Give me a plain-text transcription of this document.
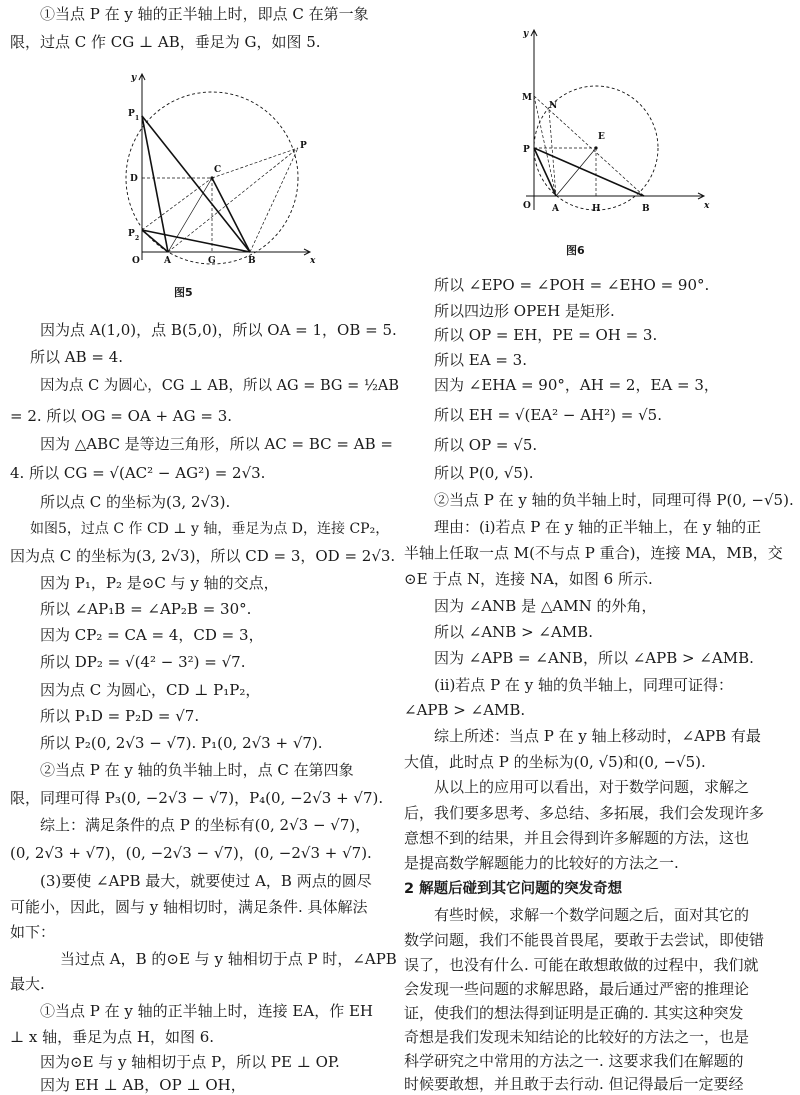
①当点 P 在 y 轴的正半轴上时，即点 C 在第一象
限，过点 C 作 CG ⊥ AB，垂足为 G，如图 5.
y
x
O	A	G	B
C
D
P
P 1
P 2
图5
因为点 A(1,0)，点 B(5,0)，所以 OA = 1，OB = 5.
所以 AB = 4.
因为点 C 为圆心，CG ⊥ AB，所以 AG = BG = ½AB
= 2. 所以 OG = OA + AG = 3.
因为 △ABC 是等边三角形，所以 AC = BC = AB =
4. 所以 CG = √(AC² − AG²) = 2√3.
所以点 C 的坐标为(3, 2√3).
如图5，过点 C 作 CD ⊥ y 轴，垂足为点 D，连接 CP₂，
因为点 C 的坐标为(3, 2√3)，所以 CD = 3，OD = 2√3.
因为 P₁，P₂ 是⊙C 与 y 轴的交点，
所以 ∠AP₁B = ∠AP₂B = 30°.
因为 CP₂ = CA = 4，CD = 3，
所以 DP₂ = √(4² − 3²) = √7.
因为点 C 为圆心，CD ⊥ P₁P₂，
所以 P₁D = P₂D = √7.
所以 P₂(0, 2√3 − √7). P₁(0, 2√3 + √7).
②当点 P 在 y 轴的负半轴上时，点 C 在第四象
限，同理可得 P₃(0, −2√3 − √7)，P₄(0, −2√3 + √7).
综上：满足条件的点 P 的坐标有(0, 2√3 − √7)，
(0, 2√3 + √7)，(0, −2√3 − √7)，(0, −2√3 + √7).
(3)要使 ∠APB 最大，就要使过 A，B 两点的圆尽
可能小，因此，圆与 y 轴相切时，满足条件. 具体解法
如下：
当过点 A，B 的⊙E 与 y 轴相切于点 P 时，∠APB
最大.
①当点 P 在 y 轴的正半轴上时，连接 EA，作 EH
⊥ x 轴，垂足为点 H，如图 6.
因为⊙E 与 y 轴相切于点 P，所以 PE ⊥ OP.
因为 EH ⊥ AB，OP ⊥ OH，
y
x
O A	H	B
E
P
M
N
图6
所以 ∠EPO = ∠POH = ∠EHO = 90°.
所以四边形 OPEH 是矩形.
所以 OP = EH，PE = OH = 3.
所以 EA = 3.
因为 ∠EHA = 90°，AH = 2，EA = 3，
所以 EH = √(EA² − AH²) = √5.
所以 OP = √5.
所以 P(0, √5).
②当点 P 在 y 轴的负半轴上时，同理可得 P(0, −√5).
理由：(i)若点 P 在 y 轴的正半轴上，在 y 轴的正
半轴上任取一点 M(不与点 P 重合)，连接 MA，MB，交
⊙E 于点 N，连接 NA，如图 6 所示.
因为 ∠ANB 是 △AMN 的外角，
所以 ∠ANB > ∠AMB.
因为 ∠APB = ∠ANB，所以 ∠APB > ∠AMB.
(ii)若点 P 在 y 轴的负半轴上，同理可证得：
∠APB > ∠AMB.
综上所述：当点 P 在 y 轴上移动时，∠APB 有最
大值，此时点 P 的坐标为(0, √5)和(0, −√5).
从以上的应用可以看出，对于数学问题，求解之
后，我们要多思考、多总结、多拓展，我们会发现许多
意想不到的结果，并且会得到许多解题的方法，这也
是提高数学解题能力的比较好的方法之一.
2 解题后碰到其它问题的突发奇想
有些时候，求解一个数学问题之后，面对其它的
数学问题，我们不能畏首畏尾，要敢于去尝试，即使错
误了，也没有什么. 可能在敢想敢做的过程中，我们就
会发现一些问题的求解思路，最后通过严密的推理论
证，使我们的想法得到证明是正确的. 其实这种突发
奇想是我们发现未知结论的比较好的方法之一，也是
科学研究之中常用的方法之一. 这要求我们在解题的
时候要敢想，并且敢于去行动. 但记得最后一定要经
